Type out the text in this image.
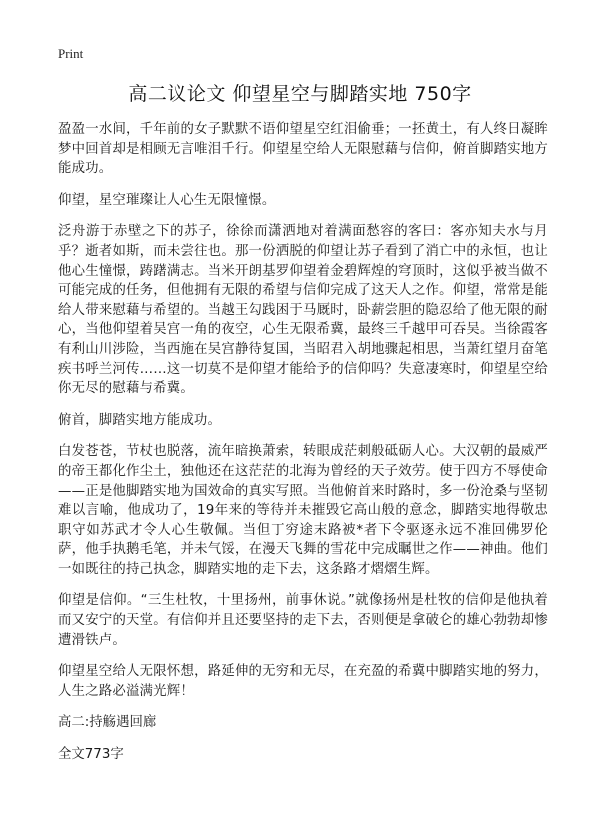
Print
高二议论文 仰望星空与脚踏实地 750字

盈盈一水间，千年前的女子默默不语仰望星空红泪偷垂；一抷黄土，有人终日凝眸梦中回首却是相顾无言唯泪千行。仰望星空给人无限慰藉与信仰，俯首脚踏实地方能成功。

仰望，星空璀璨让人心生无限憧憬。

泛舟游于赤壁之下的苏子，徐徐而潇洒地对着满面愁容的客曰：客亦知夫水与月乎？逝者如斯，而未尝往也。那一份洒脱的仰望让苏子看到了消亡中的永恒，也让他心生憧憬，踌躇满志。当米开朗基罗仰望着金碧辉煌的穹顶时，这似乎被当做不可能完成的任务，但他拥有无限的希望与信仰完成了这天人之作。仰望，常常是能给人带来慰藉与希望的。当越王勾践困于马厩时，卧薪尝胆的隐忍给了他无限的耐心，当他仰望着吴宫一角的夜空，心生无限希冀，最终三千越甲可吞吴。当徐霞客有利山川涉险，当西施在吴宫静待复国，当昭君入胡地骤起相思，当萧红望月奋笔疾书呼兰河传……这一切莫不是仰望才能给予的信仰吗？失意凄寒时，仰望星空给你无尽的慰藉与希冀。

俯首，脚踏实地方能成功。

白发苍苍，节杖也脱落，流年暗换萧索，转眼成茫刺般砥砺人心。大汉朝的最威严的帝王都化作尘土，独他还在这茫茫的北海为曾经的天子效劳。使于四方不辱使命——正是他脚踏实地为国效命的真实写照。当他俯首来时路时，多一份沧桑与坚韧难以言喻，他成功了，19年来的等待并未摧毁它高山般的意念，脚踏实地得敬忠职守如苏武才令人心生敬佩。当但丁穷途末路被*者下令驱逐永远不准回佛罗伦萨，他手执鹅毛笔，并未气馁，在漫天飞舞的雪花中完成瞩世之作——神曲。他们一如既往的持己执念，脚踏实地的走下去，这条路才熠熠生辉。

仰望是信仰。“三生杜牧，十里扬州，前事休说。”就像扬州是杜牧的信仰是他执着而又安宁的天堂。有信仰并且还要坚持的走下去，否则便是拿破仑的雄心勃勃却惨遭滑铁卢。

仰望星空给人无限怀想，路延伸的无穷和无尽，在充盈的希冀中脚踏实地的努力，人生之路必溢满光辉！

高二:持觞遇回廊

全文773字
